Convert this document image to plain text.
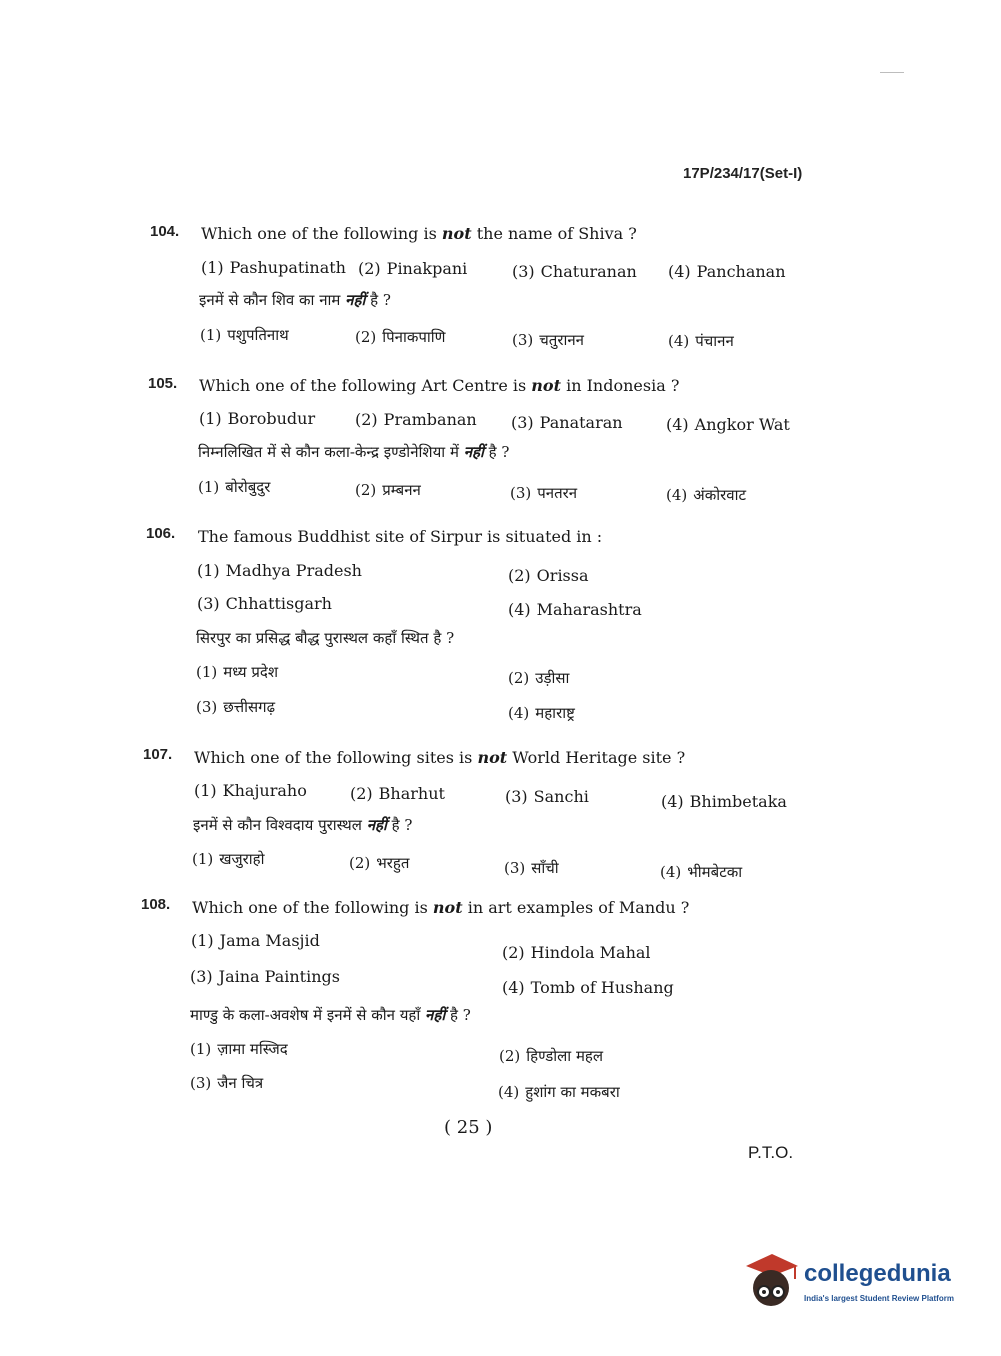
17P/234/17(Set-I)
104. Which one of the following is not the name of Shiva ?
(1) Pashupatinath (2) Pinakpani	(3) Chaturanan (4) Panchanan
इनमें से कौन शिव का नाम नहीं है ?
(1) पशुपतिनाथ	(2) पिनाकपाणि	(3) चतुरानन	(4) पंचानन
105. Which one of the following Art Centre is not in Indonesia ?
(1) Borobudur (2) Prambanan (3) Panataran	(4) Angkor Wat
निम्नलिखित में से कौन कला-केन्द्र इण्डोनेशिया में नहीं है ?
(1) बोरोबुदुर	(2) प्रम्बनन	(3) पनतरन	(4) अंकोरवाट
106. The famous Buddhist site of Sirpur is situated in :
(1) Madhya Pradesh	(2) Orissa
(3) Chhattisgarh	(4) Maharashtra
सिरपुर का प्रसिद्ध बौद्ध पुरास्थल कहाँ स्थित है ?
(1) मध्य प्रदेश	(2) उड़ीसा
(3) छत्तीसगढ़	(4) महाराष्ट्र
107. Which one of the following sites is not World Heritage site ?
(1) Khajuraho	(2) Bharhut	(3) Sanchi	(4) Bhimbetaka
इनमें से कौन विश्वदाय पुरास्थल नहीं है ?
(1) खजुराहो	(2) भरहुत	(3) साँची	(4) भीमबेटका
108. Which one of the following is not in art examples of Mandu ?
(1) Jama Masjid
(2) Hindola Mahal
(3) Jaina Paintings
(4) Tomb of Hushang
माण्डु के कला-अवशेष में इनमें से कौन यहाँ नहीं है ?
(1) ज़ामा मस्जिद	(2) हिण्डोला महल
(3) जैन चित्र	(4) हुशांग का मकबरा
( 25 )
P.T.O.
collegedunia
India's largest Student Review Platform
